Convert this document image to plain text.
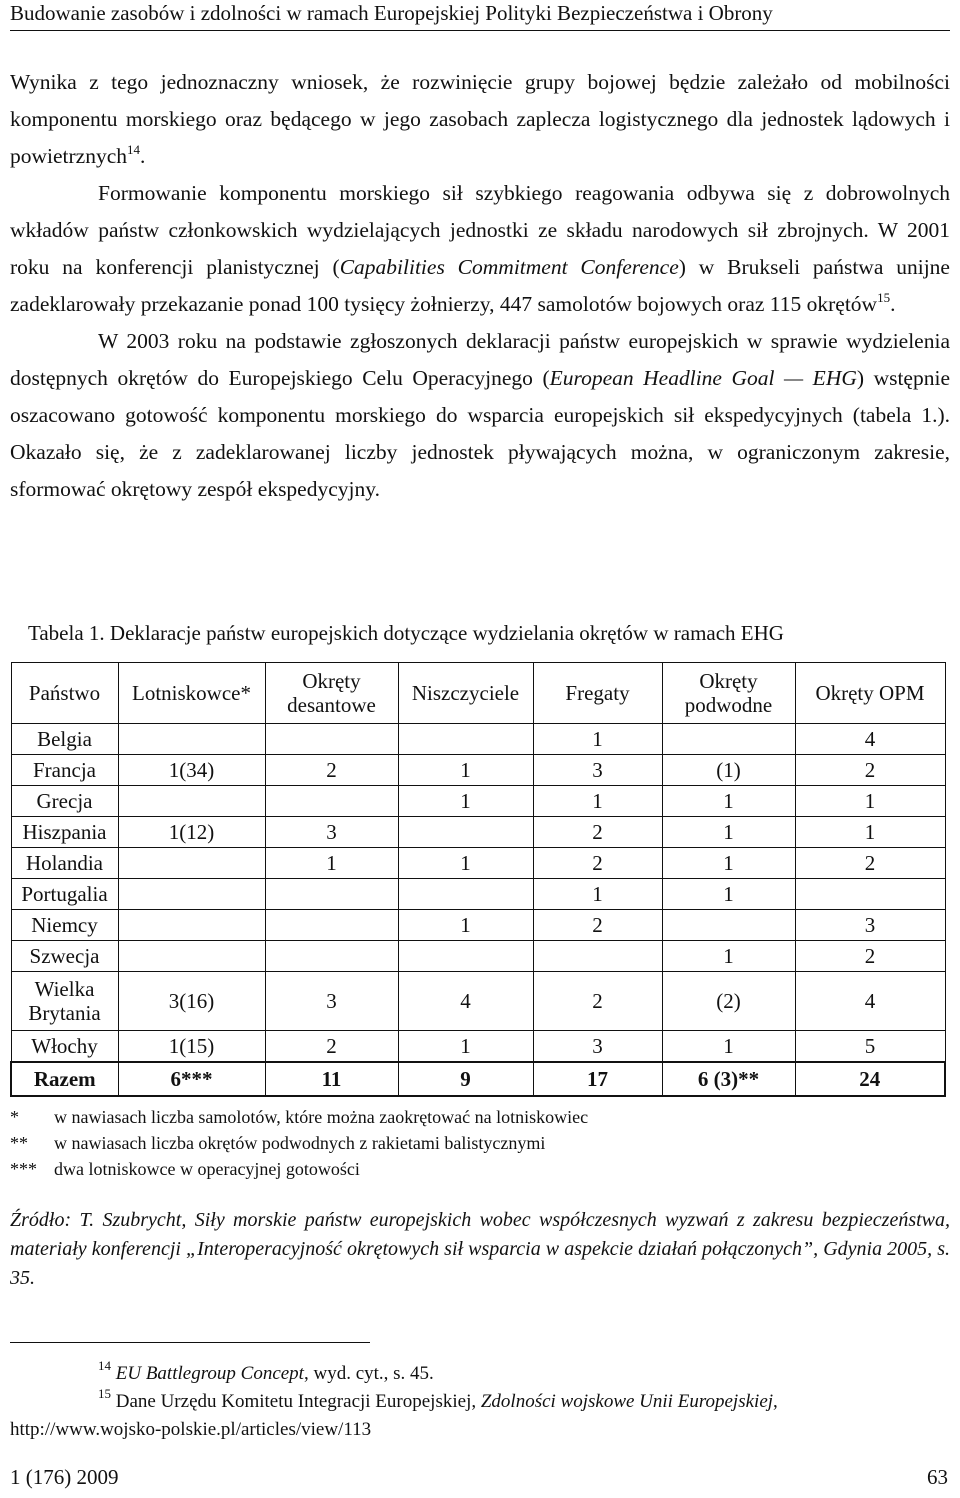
Budowanie zasobów i zdolności w ramach Europejskiej Polityki Bezpieczeństwa i Obrony

Wynika z tego jednoznaczny wniosek, że rozwinięcie grupy bojowej będzie zależało od mobilności komponentu morskiego oraz będącego w jego zasobach zaplecza logistycznego dla jednostek lądowych i powietrznych$^{14}$.

Formowanie komponentu morskiego sił szybkiego reagowania odbywa się z dobrowolnych wkładów państw członkowskich wydzielających jednostki ze składu narodowych sił zbrojnych. W 2001 roku na konferencji planistycznej (Capabilities Commitment Conference) w Brukseli państwa unijne zadeklarowały przekazanie ponad 100 tysięcy żołnierzy, 447 samolotów bojowych oraz 115 okrętów$^{15}$.

W 2003 roku na podstawie zgłoszonych deklaracji państw europejskich w sprawie wydzielenia dostępnych okrętów do Europejskiego Celu Operacyjnego (European Headline Goal — EHG) wstępnie oszacowano gotowość komponentu morskiego do wsparcia europejskich sił ekspedycyjnych (tabela 1.). Okazało się, że z zadeklarowanej liczby jednostek pływających można, w ograniczonym zakresie, sformować okrętowy zespół ekspedycyjny.

Tabela 1. Deklaracje państw europejskich dotyczące wydzielania okrętów w ramach EHG
Państwo	Lotniskowce*	Okręty desantowe	Niszczyciele	Fregaty	Okręty podwodne	Okręty OPM
Belgia				1		4
Francja	1(34)	2	1	3	(1)	2
Grecja			1	1	1	1
Hiszpania	1(12)	3		2	1	1
Holandia		1	1	2	1	2
Portugalia				1	1	
Niemcy			1	2		3
Szwecja					1	2
Wielka Brytania	3(16)	3	4	2	(2)	4
Włochy	1(15)	2	1	3	1	5
Razem	6***	11	9	17	6 (3)**	24
*	w nawiasach liczba samolotów, które można zaokrętować na lotniskowiec
**	w nawiasach liczba okrętów podwodnych z rakietami balistycznymi
*** dwa lotniskowce w operacyjnej gotowości
Źródło: T. Szubrycht, Siły morskie państw europejskich wobec współczesnych wyzwań z zakresu bezpieczeństwa, materiały konferencji „Interoperacyjność okrętowych sił wsparcia w aspekcie działań połączonych”, Gdynia 2005, s. 35.

$^{14}$ EU Battlegroup Concept, wyd. cyt., s. 45.

$^{15}$ Dane Urzędu Komitetu Integracji Europejskiej, Zdolności wojskowe Unii Europejskiej,

http://www.wojsko-polskie.pl/articles/view/113

1 (176) 2009	63
